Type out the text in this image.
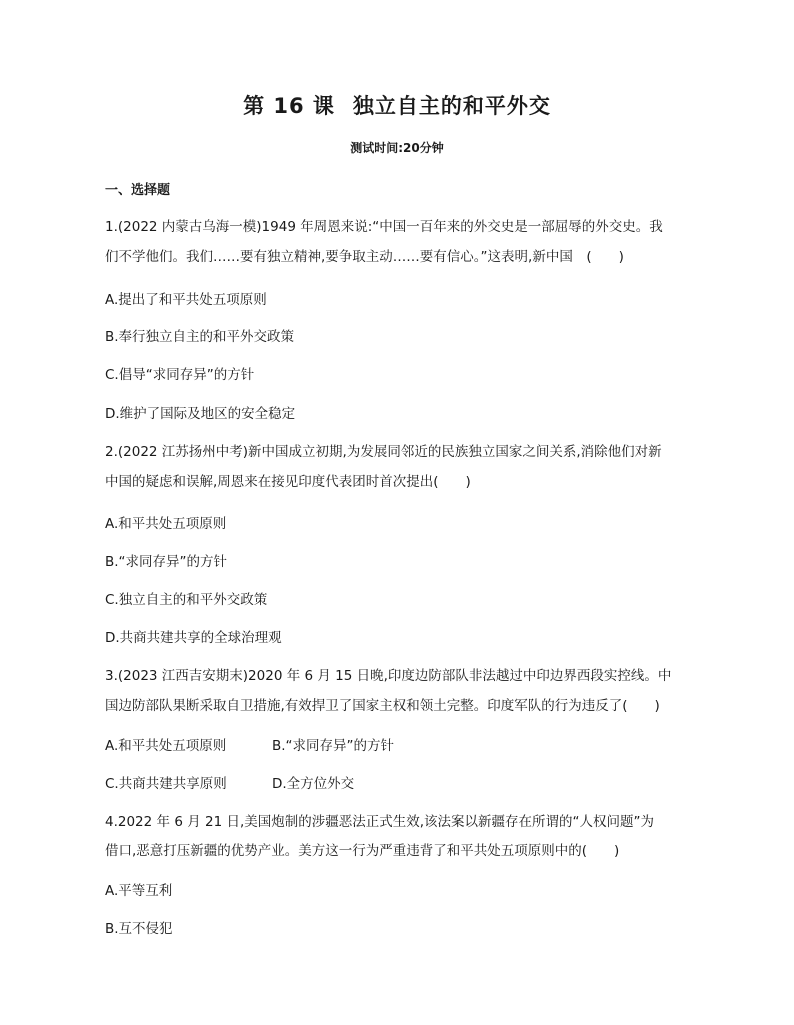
第 16 课 独立自主的和平外交
测试时间:20分钟
一、选择题
1.(2022 内蒙古乌海一模)1949 年周恩来说:“中国一百年来的外交史是一部屈辱的外交史。我
们不学他们。我们……要有独立精神,要争取主动……要有信心。”这表明,新中国　(　　)
A.提出了和平共处五项原则
B.奉行独立自主的和平外交政策
C.倡导“求同存异”的方针
D.维护了国际及地区的安全稳定
2.(2022 江苏扬州中考)新中国成立初期,为发展同邻近的民族独立国家之间关系,消除他们对新
中国的疑虑和误解,周恩来在接见印度代表团时首次提出(　　)
A.和平共处五项原则
B.“求同存异”的方针
C.独立自主的和平外交政策
D.共商共建共享的全球治理观
3.(2023 江西吉安期末)2020 年 6 月 15 日晚,印度边防部队非法越过中印边界西段实控线。中
国边防部队果断采取自卫措施,有效捍卫了国家主权和领土完整。印度军队的行为违反了(　　)
A.和平共处五项原则	B.“求同存异”的方针
C.共商共建共享原则	D.全方位外交
4.2022 年 6 月 21 日,美国炮制的涉疆恶法正式生效,该法案以新疆存在所谓的“人权问题”为
借口,恶意打压新疆的优势产业。美方这一行为严重违背了和平共处五项原则中的(　　)
A.平等互利
B.互不侵犯
